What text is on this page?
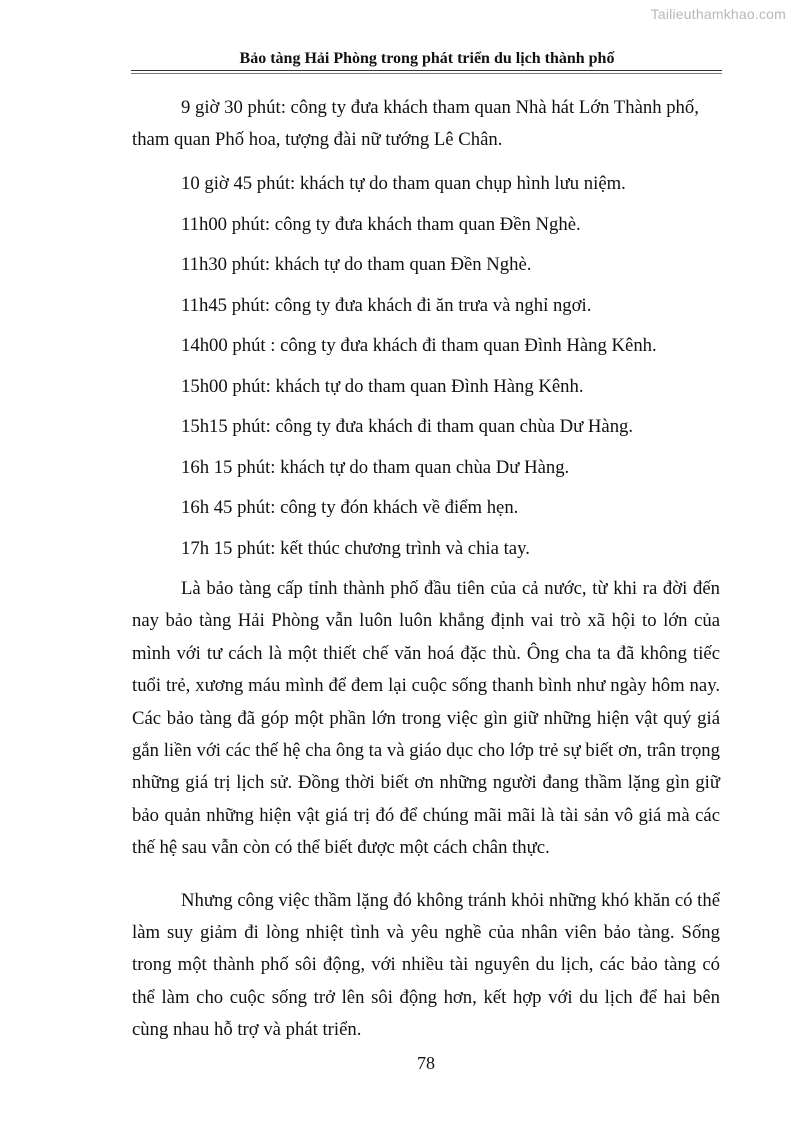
Tailieuthamkhao.com
Bảo tàng Hải Phòng trong phát triển du lịch thành phố

9 giờ 30 phút: công ty đưa khách tham quan Nhà hát Lớn Thành phố, tham quan Phố hoa, tượng đài nữ tướng Lê Chân.

10 giờ 45 phút: khách tự do tham quan chụp hình lưu niệm.

11h00 phút: công ty đưa khách tham quan Đền Nghè.

11h30 phút: khách tự do tham quan Đền Nghè.

11h45 phút: công ty đưa khách đi ăn trưa và nghỉ ngơi.

14h00 phút : công ty đưa khách đi tham quan Đình Hàng Kênh.

15h00 phút: khách tự do tham quan Đình Hàng Kênh.

15h15 phút: công ty đưa khách đi tham quan chùa Dư Hàng.

16h 15 phút: khách tự do tham quan chùa Dư Hàng.

16h 45 phút: công ty đón khách về điểm hẹn.

17h 15 phút: kết thúc chương trình và chia tay.

Là bảo tàng cấp tỉnh thành phố đầu tiên của cả nước, từ khi ra đời đến nay bảo tàng Hải Phòng vẫn luôn luôn khẳng định vai trò xã hội to lớn của mình với tư cách là một thiết chế văn hoá đặc thù. Ông cha ta đã không tiếc tuổi trẻ, xương máu mình để đem lại cuộc sống thanh bình như ngày hôm nay. Các bảo tàng đã góp một phần lớn trong việc gìn giữ những hiện vật quý giá gắn liền với các thế hệ cha ông ta và giáo dục cho lớp trẻ sự biết ơn, trân trọng những giá trị lịch sử. Đồng thời biết ơn những người đang thầm lặng gìn giữ bảo quản những hiện vật giá trị đó để chúng mãi mãi là tài sản vô giá mà các thế hệ sau vẫn còn có thể biết được một cách chân thực.

Nhưng công việc thầm lặng đó không tránh khỏi những khó khăn có thể làm suy giảm đi lòng nhiệt tình và yêu nghề của nhân viên bảo tàng. Sống trong một thành phố sôi động, với nhiều tài nguyên du lịch, các bảo tàng có thể làm cho cuộc sống trở lên sôi động hơn, kết hợp với du lịch để hai bên cùng nhau hỗ trợ và phát triển.

78
